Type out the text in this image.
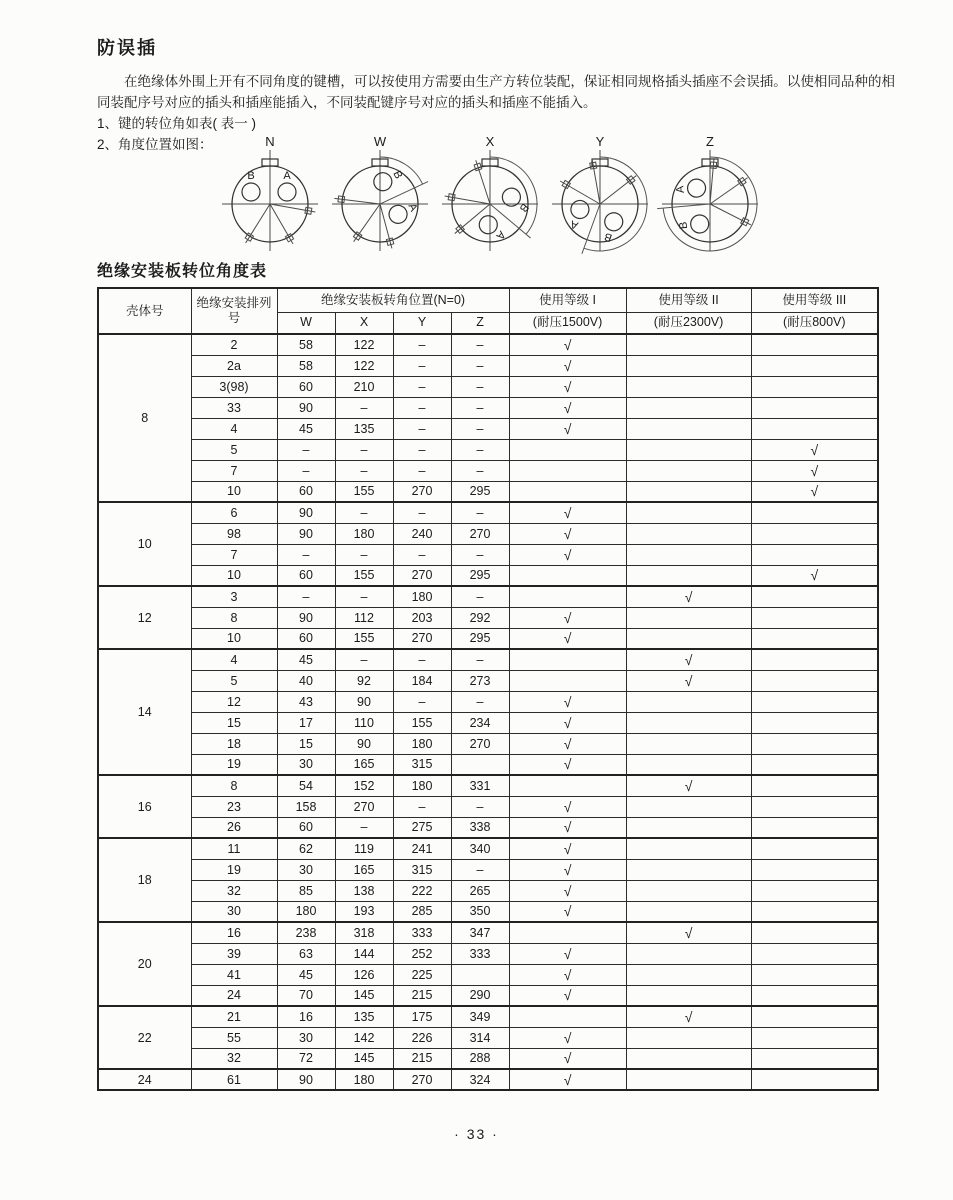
防误插

在绝缘体外围上开有不同角度的键槽，可以按使用方需要由生产方转位装配，保证相同规格插头插座不会误插。以使相同品种的相同装配序号对应的插头和插座能插入，不同装配键序号对应的插头和插座不能插入。

1、键的转位角如表( 表一 )
2、角度位置如图：	N
A
B
W
A
B
X
A
B
Y
A
B
Z
A
B
绝缘安装板转位角度表
壳体号	绝缘安装排列号	绝缘安装板转角位置(N=0)				使用等级 I	使用等级 II	使用等级 III
		W	X	Y	Z	(耐压1500V)	(耐压2300V)	(耐压800V)
8	2	58	122	–	–	√		
	2a	58	122	–	–	√		
	3(98)	60	210	–	–	√		
	33	90	–	–	–	√		
	4	45	135	–	–	√		
	5	–	–	–	–			√
	7	–	–	–	–			√
	10	60	155	270	295			√
10	6	90	–	–	–	√		
	98	90	180	240	270	√		
	7	–	–	–	–	√		
	10	60	155	270	295			√
12	3	–	–	180	–		√	
	8	90	112	203	292	√		
	10	60	155	270	295	√		
14	4	45	–	–	–		√	
	5	40	92	184	273		√	
	12	43	90	–	–	√		
	15	17	110	155	234	√		
	18	15	90	180	270	√		
	19	30	165	315		√		
16	8	54	152	180	331		√	
	23	158	270	–	–	√		
	26	60	–	275	338	√		
18	11	62	119	241	340	√		
	19	30	165	315	–	√		
	32	85	138	222	265	√		
	30	180	193	285	350	√		
20	16	238	318	333	347		√	
	39	63	144	252	333	√		
	41	45	126	225		√		
	24	70	145	215	290	√		
22	21	16	135	175	349		√	
	55	30	142	226	314	√		
	32	72	145	215	288	√		
24	61	90	180	270	324	√		
· 33 ·
